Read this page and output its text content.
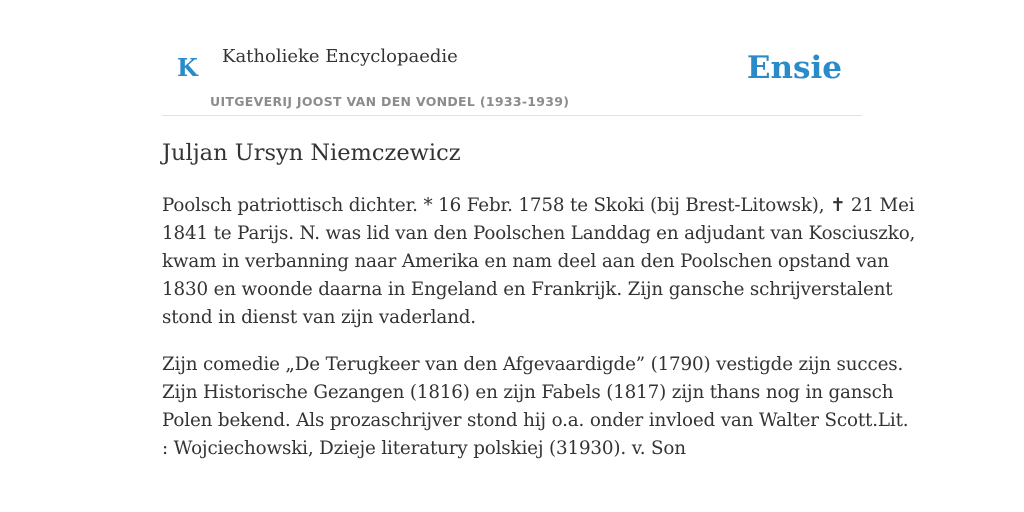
K Katholieke Encyclopaedie
UITGEVERIJ JOOST VAN DEN VONDEL (1933-1939)
Ensie
Juljan Ursyn Niemczewicz

Poolsch patriottisch dichter. * 16 Febr. 1758 te Skoki (bij Brest-Litowsk), ✝ 21 Mei
1841 te Parijs. N. was lid van den Poolschen Landdag en adjudant van Kosciuszko,
kwam in verbanning naar Amerika en nam deel aan den Poolschen opstand van
1830 en woonde daarna in Engeland en Frankrijk. Zijn gansche schrijverstalent
stond in dienst van zijn vaderland.

Zijn comedie „De Terugkeer van den Afgevaardigde” (1790) vestigde zijn succes.
Zijn Historische Gezangen (1816) en zijn Fabels (1817) zijn thans nog in gansch
Polen bekend. Als prozaschrijver stond hij o.a. onder invloed van Walter Scott.Lit.
: Wojciechowski, Dzieje literatury polskiej (31930). v. Son
